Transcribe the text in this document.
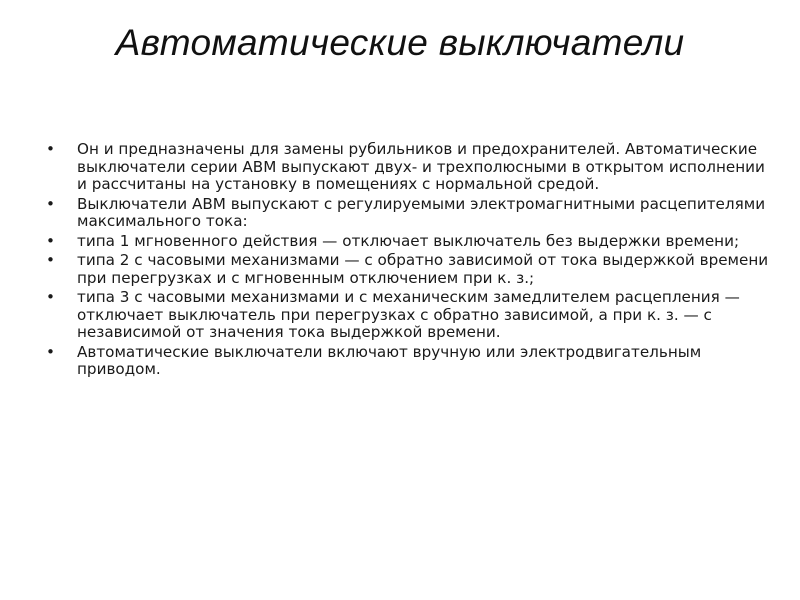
Автоматические выключатели
• Он и предназначены для замены рубильников и предохранителей. Автоматические выключатели серии АВМ выпускают двух- и трехполюсными в открытом исполнении и рассчитаны на установку в помещениях с нормальной средой.
• Выключатели АВМ выпускают с регулируемыми электромагнитными расцепителями максимального тока:
• типа 1 мгновенного действия — отключает выключатель без выдержки времени;
• типа 2 с часовыми механизмами — с обратно зависимой от тока выдержкой времени при перегрузках и с мгновенным отключением при к. з.;
• типа 3 с часовыми механизмами и с механическим замедлителем расцепления — отключает выключатель при перегрузках с обратно зависимой, а при к. з. — с независимой от значения тока выдержкой времени.
• Автоматические выключатели включают вручную или электродвигательным приводом.
